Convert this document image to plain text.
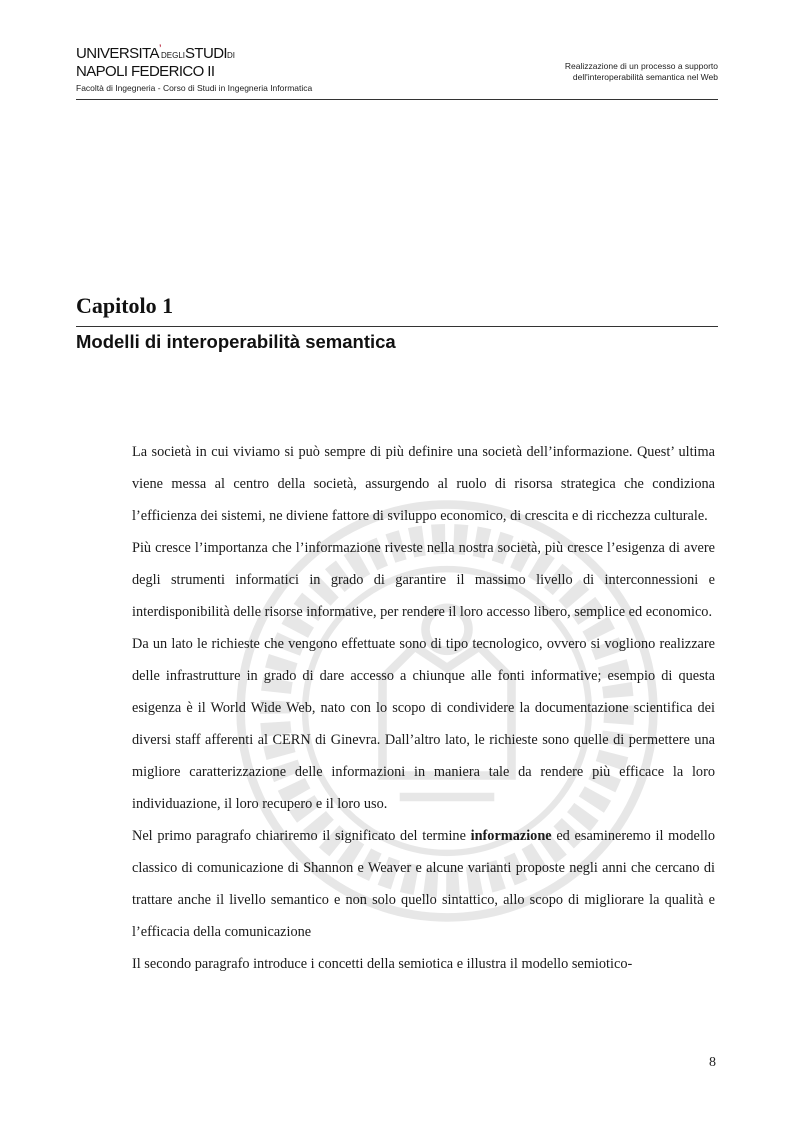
UNIVERSITA’DEGLISTUDIDI
NAPOLI FEDERICO II
Facoltà di Ingegneria - Corso di Studi in Ingegneria Informatica
Realizzazione di un processo a supporto
dell'interoperabilità semantica nel Web
Capitolo 1
Modelli di interoperabilità semantica

La società in cui viviamo si può sempre di più definire una società dell’informazione. Quest’ ultima viene messa al centro della società, assurgendo al ruolo di risorsa strategica che condiziona l’efficienza dei sistemi, ne diviene fattore di sviluppo economico, di crescita e di ricchezza culturale.

Più cresce l’importanza che l’informazione riveste nella nostra società, più cresce l’esigenza di avere degli strumenti informatici in grado di garantire il massimo livello di interconnessioni e interdisponibilità delle risorse informative, per rendere il loro accesso libero, semplice ed economico.

Da un lato le richieste che vengono effettuate sono di tipo tecnologico, ovvero si vogliono realizzare delle infrastrutture in grado di dare accesso a chiunque alle fonti informative; esempio di questa esigenza è il World Wide Web, nato con lo scopo di condividere la documentazione scientifica dei diversi staff afferenti al CERN di Ginevra. Dall’altro lato, le richieste sono quelle di permettere una migliore caratterizzazione delle informazioni in maniera tale da rendere più efficace la loro individuazione, il loro recupero e il loro uso.

Nel primo paragrafo chiariremo il significato del termine informazione ed esamineremo il modello classico di comunicazione di Shannon e Weaver e alcune varianti proposte negli anni che cercano di trattare anche il livello semantico e non solo quello sintattico, allo scopo di migliorare la qualità e l’efficacia della comunicazione

Il secondo paragrafo introduce i concetti della semiotica e illustra il modello semiotico-

8
